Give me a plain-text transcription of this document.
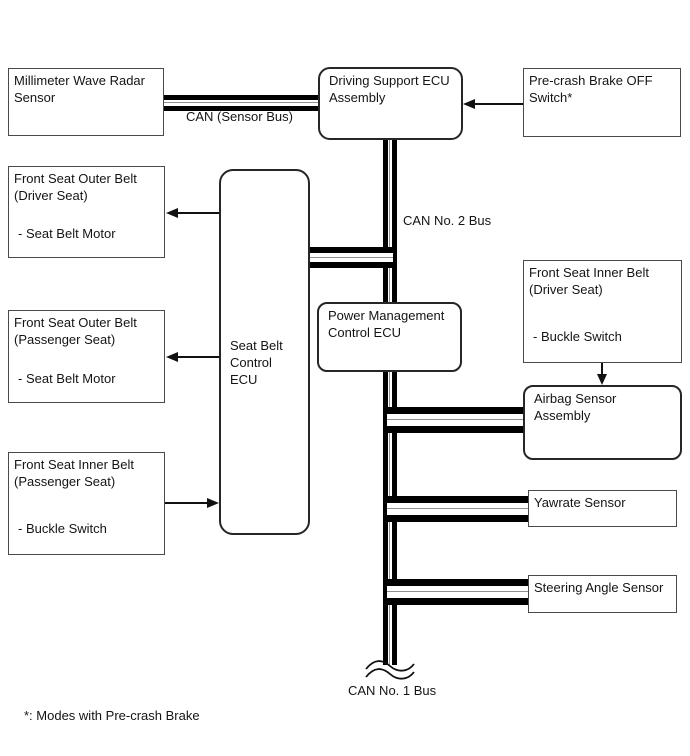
Millimeter Wave Radar
Sensor
Driving Support ECU
Assembly
Pre-crash Brake OFF
Switch*
Front Seat Outer Belt
(Driver Seat)
- Seat Belt Motor
Front Seat Outer Belt
(Passenger Seat)
- Seat Belt Motor
Front Seat Inner Belt
(Passenger Seat)
- Buckle Switch
Seat Belt
Control ECU
Power Management
Control ECU
Front Seat Inner Belt
(Driver Seat)
- Buckle Switch
Airbag Sensor Assembly
Yawrate Sensor
Steering Angle Sensor
CAN (Sensor Bus)
CAN No. 2 Bus
CAN No. 1 Bus
*: Modes with Pre-crash Brake
